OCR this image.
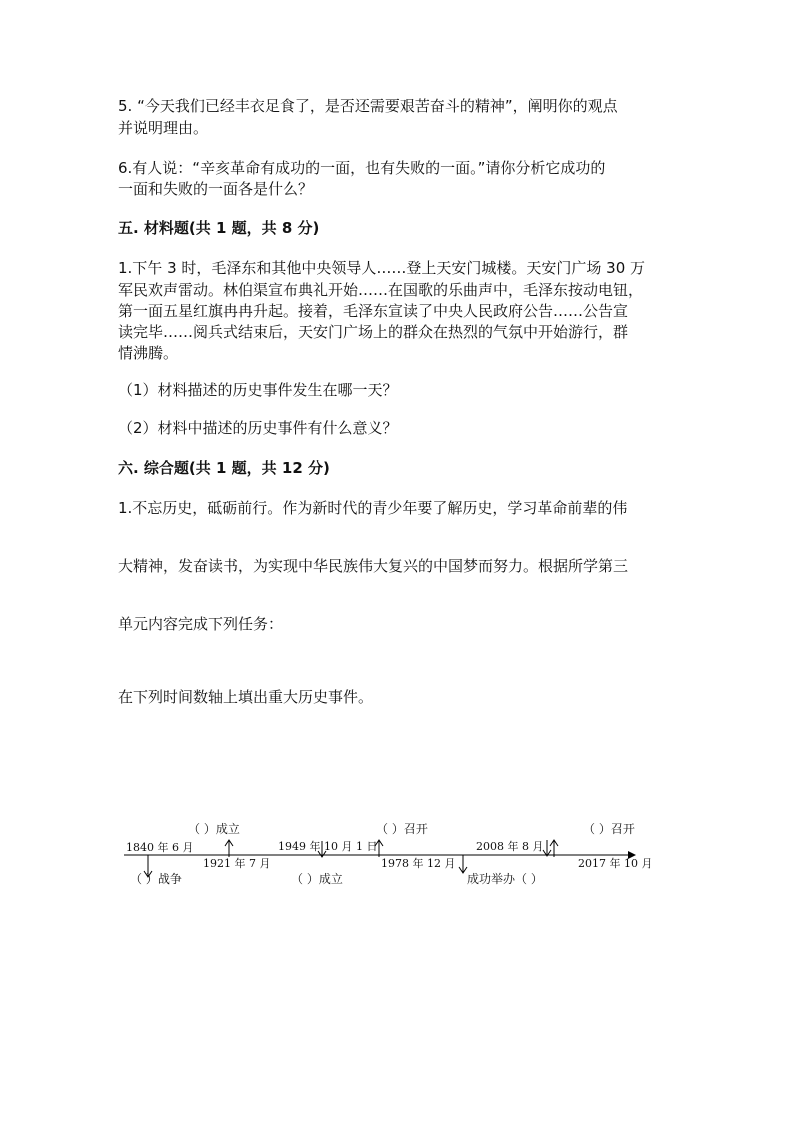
5. “今天我们已经丰衣足食了，是否还需要艰苦奋斗的精神”，阐明你的观点
并说明理由。
6.有人说：“辛亥革命有成功的一面，也有失败的一面。”请你分析它成功的
一面和失败的一面各是什么？
五. 材料题(共 1 题，共 8 分)
1.下午 3 时，毛泽东和其他中央领导人……登上天安门城楼。天安门广场 30 万
军民欢声雷动。林伯渠宣布典礼开始……在国歌的乐曲声中，毛泽东按动电钮，
第一面五星红旗冉冉升起。接着，毛泽东宣读了中央人民政府公告……公告宣
读完毕……阅兵式结束后，天安门广场上的群众在热烈的气氛中开始游行，群
情沸腾。
（1）材料描述的历史事件发生在哪一天？
（2）材料中描述的历史事件有什么意义？
六. 综合题(共 1 题，共 12 分)
1.不忘历史，砥砺前行。作为新时代的青少年要了解历史，学习革命前辈的伟
大精神，发奋读书，为实现中华民族伟大复兴的中国梦而努力。根据所学第三
单元内容完成下列任务：
在下列时间数轴上填出重大历史事件。
（ ）成立	（ ）召开	（ ）召开
1840 年 6 月
1921 年 7 月
1949 年 10 月 1 日
1978 年 12 月
2008 年 8 月
2017 年 10 月
（ ）战争	（ ）成立	成功举办（ ）
